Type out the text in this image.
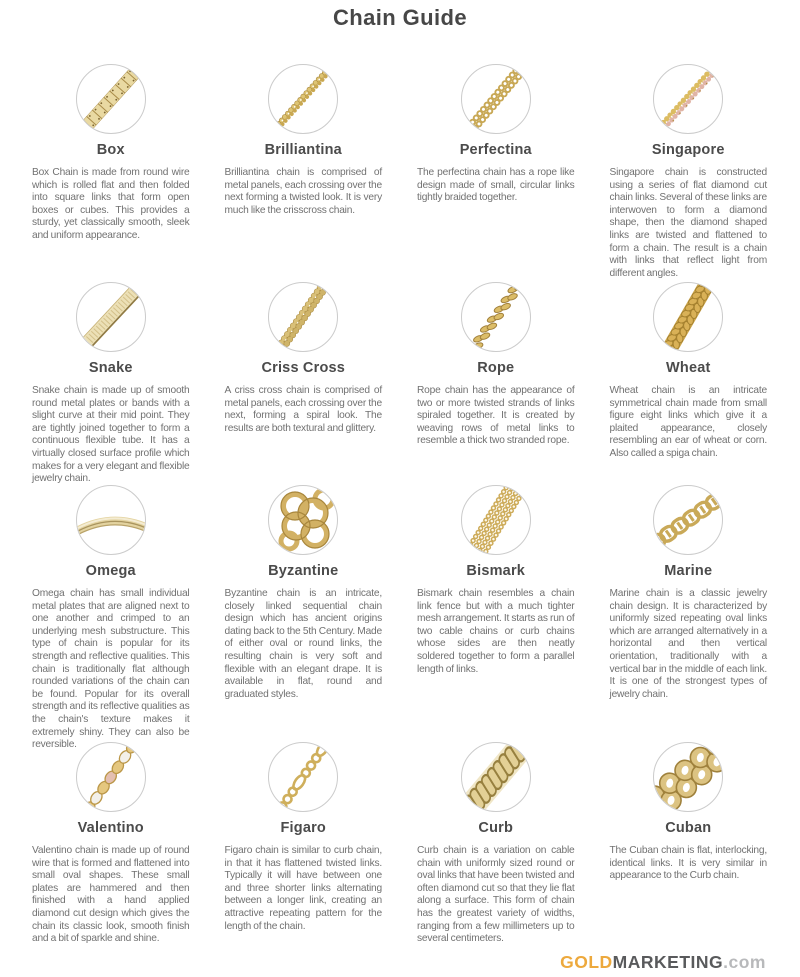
Chain Guide
Box

Box Chain is made from round wire which is rolled flat and then folded into square links that form open boxes or cubes. This provides a sturdy, yet classically smooth, sleek and uniform appearance.

Brilliantina

Brilliantina chain is comprised of metal panels, each crossing over the next forming a twisted look. It is very much like the crisscross chain.

Perfectina

The perfectina chain has a rope like design made of small, circular links tightly braided together.

Singapore

Singapore chain is constructed using a series of flat diamond cut chain links. Several of these links are interwoven to form a diamond shape, then the diamond shaped links are twisted and flattened to form a chain. The result is a chain with links that reflect light from different angles.

Snake

Snake chain is made up of smooth round metal plates or bands with a slight curve at their mid point. They are tightly joined together to form a continuous flexible tube. It has a virtually closed surface profile which makes for a very elegant and flexible jewelry chain.

Criss Cross

A criss cross chain is comprised of metal panels, each crossing over the next, forming a spiral look. The results are both textural and glittery.

Rope

Rope chain has the appearance of two or more twisted strands of links spiraled together. It is created by weaving rows of metal links to resemble a thick two stranded rope.

Wheat

Wheat chain is an intricate symmetrical chain made from small figure eight links which give it a plaited appearance, closely resembling an ear of wheat or corn. Also called a spiga chain.

Omega

Omega chain has small individual metal plates that are aligned next to one another and crimped to an underlying mesh substructure. This type of chain is popular for its strength and reflective qualities. This chain is traditionally flat although rounded variations of the chain can be found. Popular for its overall strength and its reflective qualities as the chain's texture makes it extremely shiny. They can also be reversible.

Byzantine

Byzantine chain is an intricate, closely linked sequential chain design which has ancient origins dating back to the 5th Century. Made of either oval or round links, the resulting chain is very soft and flexible with an elegant drape. It is available in flat, round and graduated styles.

Bismark

Bismark chain resembles a chain link fence but with a much tighter mesh arrangement. It starts as run of two cable chains or curb chains whose sides are then neatly soldered together to form a parallel length of links.

Marine

Marine chain is a classic jewelry chain design. It is characterized by uniformly sized repeating oval links which are arranged alternatively in a horizontal and then vertical orientation, traditionally with a vertical bar in the middle of each link. It is one of the strongest types of jewelry chain.

Valentino

Valentino chain is made up of round wire that is formed and flattened into small oval shapes. These small plates are hammered and then finished with a hand applied diamond cut design which gives the chain its classic look, smooth finish and a bit of sparkle and shine.

Figaro

Figaro chain is similar to curb chain, in that it has flattened twisted links. Typically it will have between one and three shorter links alternating between a longer link, creating an attractive repeating pattern for the length of the chain.

Curb

Curb chain is a variation on cable chain with uniformly sized round or oval links that have been twisted and often diamond cut so that they lie flat along a surface. This form of chain has the greatest variety of widths, ranging from a few millimeters up to several centimeters.

Cuban

The Cuban chain is flat, interlocking, identical links. It is very similar in appearance to the Curb chain.

GOLDMARKETING.com
